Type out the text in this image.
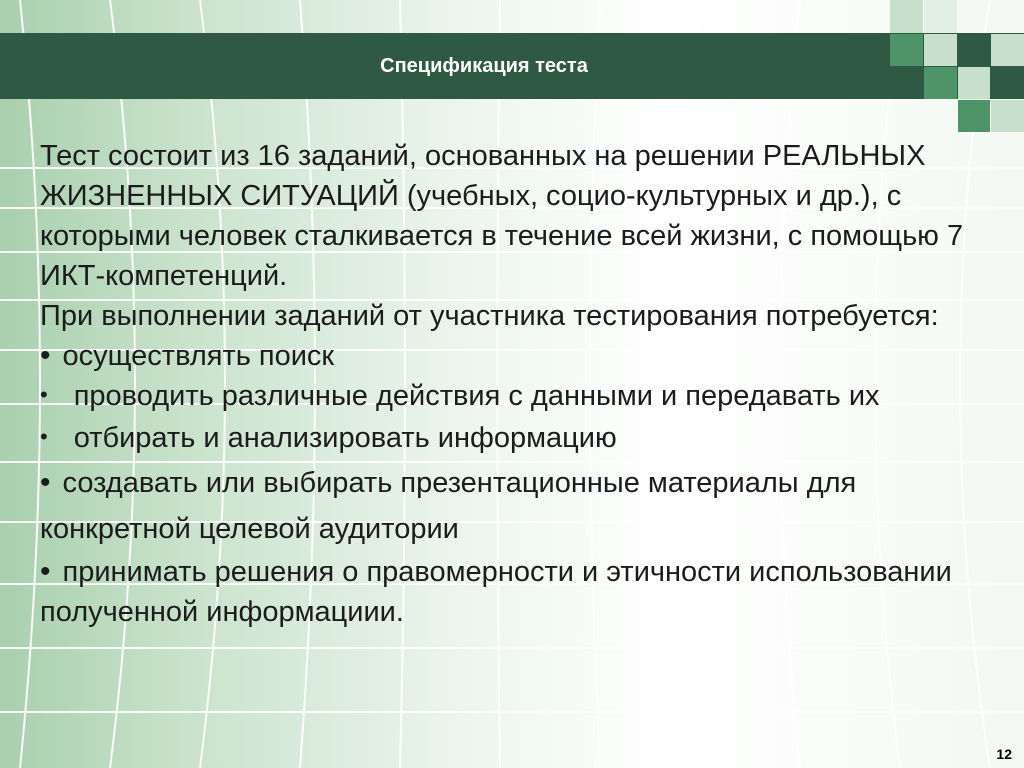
Спецификация теста

Тест состоит из 16 заданий, основанных на решении РЕАЛЬНЫХ ЖИЗНЕННЫХ СИТУАЦИЙ (учебных, социо-культурных и др.), с которыми человек сталкивается в течение всей жизни, с помощью 7 ИКТ-компетенций.

При выполнении заданий от участника тестирования потребуется:

• осуществлять поиск

• проводить различные действия с данными и передавать их

• отбирать и анализировать информацию

• создавать или выбирать презентационные материалы для конкретной целевой аудитории

• принимать решения о правомерности и этичности использовании полученной информациии.

12
